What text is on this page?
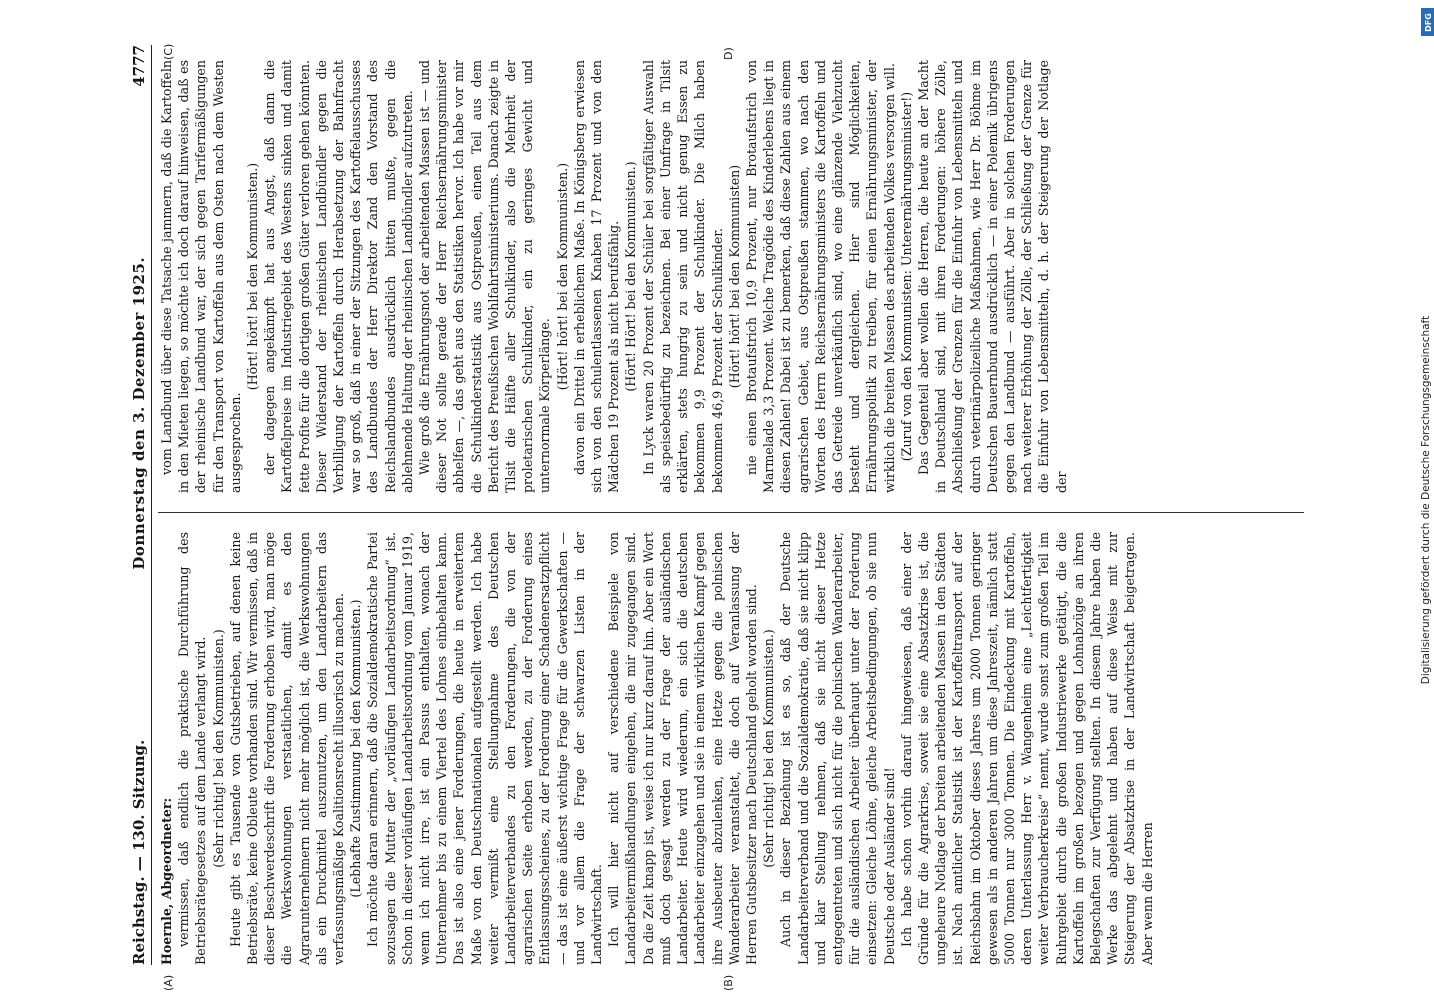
Reichstag. — 130. Sitzung.
Donnerstag den 3. Dezember 1925.
4777
(A)	(B)
(C)	D)

Hoernle, Abgeordneter: vermissen, daß endlich die praktische Durchführung des Betriebsrätegesetzes auf dem Lande verlangt wird. (Sehr richtig! bei den Kommunisten.) Heute gibt es Tausende von Gutsbetrieben, auf denen keine Betriebsräte, keine Obleute vorhanden sind. Wir vermissen, daß in dieser Beschwerdeschrift die Forderung erhoben wird, man möge die Werkswohnungen verstaatlichen, damit es den Agrarunternehmern nicht mehr möglich ist, die Werkswohnungen als ein Druckmittel auszunutzen, um den Landarbeitern das verfassungsmäßige Koalitionsrecht illusorisch zu machen. (Lebhafte Zustimmung bei den Kommunisten.) Ich möchte daran erinnern, daß die Sozialdemokratische Partei sozusagen die Mutter der „vorläufigen Landarbeitsordnung“ ist. Schon in dieser vorläufigen Landarbeitsordnung vom Januar 1919, wenn ich nicht irre, ist ein Passus enthalten, wonach der Unternehmer bis zu einem Viertel des Lohnes einbehalten kann. Das ist also eine jener Forderungen, die heute in erweitertem Maße von den Deutschnationalen aufgestellt werden. Ich habe weiter vermißt eine Stellungnahme des Deutschen Landarbeiterverbandes zu den Forderungen, die von der agrarischen Seite erhoben werden, zu der Forderung eines Entlassungsscheines, zu der Forderung einer Schadenersatzpflicht — das ist eine äußerst wichtige Frage für die Gewerkschaften — und vor allem die Frage der schwarzen Listen in der Landwirtschaft. Ich will hier nicht auf verschiedene Beispiele von Landarbeitermißhandlungen eingehen, die mir zugegangen sind. Da die Zeit knapp ist, weise ich nur kurz darauf hin. Aber ein Wort muß doch gesagt werden zu der Frage der ausländischen Landarbeiter. Heute wird wiederum, ein sich die deutschen Landarbeiter einzugehen und sie in einem wirklichen Kampf gegen ihre Ausbeuter abzulenken, eine Hetze gegen die polnischen Wanderarbeiter veranstaltet, die doch auf Veranlassung der Herren Gutsbesitzer nach Deutschland geholt worden sind. (Sehr richtig! bei den Kommunisten.) Auch in dieser Beziehung ist es so, daß der Deutsche Landarbeiterverband und die Sozialdemokratie, daß sie nicht klipp und klar Stellung nehmen, daß sie nicht dieser Hetze entgegentreten und sich nicht für die polnischen Wanderarbeiter, für die ausländischen Arbeiter überhaupt unter der Forderung einsetzen: Gleiche Löhne, gleiche Arbeitsbedingungen, ob sie nun Deutsche oder Ausländer sind! Ich habe schon vorhin darauf hingewiesen, daß einer der Gründe für die Agrarkrise, soweit sie eine Absatzkrise ist, die ungeheure Notlage der breiten arbeitenden Massen in den Städten ist. Nach amtlicher Statistik ist der Kartoffeltransport auf der Reichsbahn im Oktober dieses Jahres um 2000 Tonnen geringer gewesen als in anderen Jahren um diese Jahreszeit, nämlich statt 5000 Tonnen nur 3000 Tonnen. Die Eindeckung mit Kartoffeln, deren Unterlassung Herr v. Wangenheim eine „Leichtfertigkeit weiter Verbraucherkreise“ nennt, wurde sonst zum großen Teil im Ruhrgebiet durch die großen Industriewerke getätigt, die die Kartoffeln im großen bezogen und gegen Lohnabzüge an ihren Belegschaften zur Verfügung stellten. In diesem Jahre haben die Werke das abgelehnt und haben auf diese Weise mit zur Steigerung der Absatzkrise in der Landwirtschaft beigetragen. Aber wenn die Herren

vom Landbund über diese Tatsache jammern, daß die Kartoffeln in den Mieten liegen, so möchte ich doch darauf hinweisen, daß es der rheinische Landbund war, der sich gegen Tarifermäßigungen für den Transport von Kartoffeln aus dem Osten nach dem Westen ausgesprochen.

(Hört! hört! bei den Kommunisten.) der dagegen angekämpft hat aus Angst, daß dann die Kartoffelpreise im Industriegebiet des Westens sinken und damit fette Profite für die dortigen großen Güter verloren gehen könnten. Dieser Widerstand der rheinischen Landbündler gegen die Verbilligung der Kartoffeln durch Herabsetzung der Bahnfracht war so groß, daß in einer der Sitzungen des Kartoffelausschusses des Landbundes der Herr Direktor Zand den Vorstand des Reichslandbundes ausdrücklich bitten mußte, gegen die ablehnende Haltung der rheinischen Landbündler aufzutreten. Wie groß die Ernährungsnot der arbeitenden Massen ist — und dieser Not sollte gerade der Herr Reichsernährungsminister abhelfen —, das geht aus den Statistiken hervor. Ich habe vor mir die Schulkinderstatistik aus Ostpreußen, einen Teil aus dem Bericht des Preußischen Wohlfahrtsministeriums. Danach zeigte in Tilsit die Hälfte aller Schulkinder, also die Mehrheit der proletarischen Schulkinder, ein zu geringes Gewicht und unternormale Körperlänge.

(Hört! hört! bei den Kommunisten.) davon ein Drittel in erheblichem Maße. In Königsberg erwiesen sich von den schulentlassenen Knaben 17 Prozent und von den Mädchen 19 Prozent als nicht berufsfähig. (Hört! Hört! bei den Kommunisten.) In Lyck waren 20 Prozent der Schüler bei sorgfältiger Auswahl als speisebedürftig zu bezeichnen. Bei einer Umfrage in Tilsit erklärten, stets hungrig zu sein und nicht genug Essen zu bekommen 9,9 Prozent der Schulkinder. Die Milch haben bekommen 46,9 Prozent der Schulkinder. (Hört! hört! bei den Kommunisten) nie einen Brotaufstrich 10,9 Prozent, nur Brotaufstrich von Marmelade 3,3 Prozent. Welche Tragödie des Kinderlebens liegt in diesen Zahlen! Dabei ist zu bemerken, daß diese Zahlen aus einem agrarischen Gebiet, aus Ostpreußen stammen, wo nach den Worten des Herrn Reichsernährungsministers die Kartoffeln und das Getreide unverkäuflich sind, wo eine glänzende Viehzucht besteht und dergleichen. Hier sind Möglichkeiten, Ernährungspolitik zu treiben, für einen Ernährungsminister, der wirklich die breiten Massen des arbeitenden Volkes versorgen will. (Zuruf von den Kommunisten: Unterernährungsminister!) Das Gegenteil aber wollen die Herren, die heute an der Macht in Deutschland sind, mit ihren Forderungen: höhere Zölle, Abschließung der Grenzen für die Einfuhr von Lebensmitteln und durch veterinärpolizeiliche Maßnahmen, wie Herr Dr. Böhme im Deutschen Bauernbund ausdrücklich — in einer Polemik übrigens gegen den Landbund — ausführt. Aber in solchen Forderungen nach weiterer Erhöhung der Zölle, der Schließung der Grenze für die Einfuhr von Lebensmitteln, d. h. der Steigerung der Notlage der	Digitalisierung gefördert durch die Deutsche Forschungsgemeinschaft
DFG
